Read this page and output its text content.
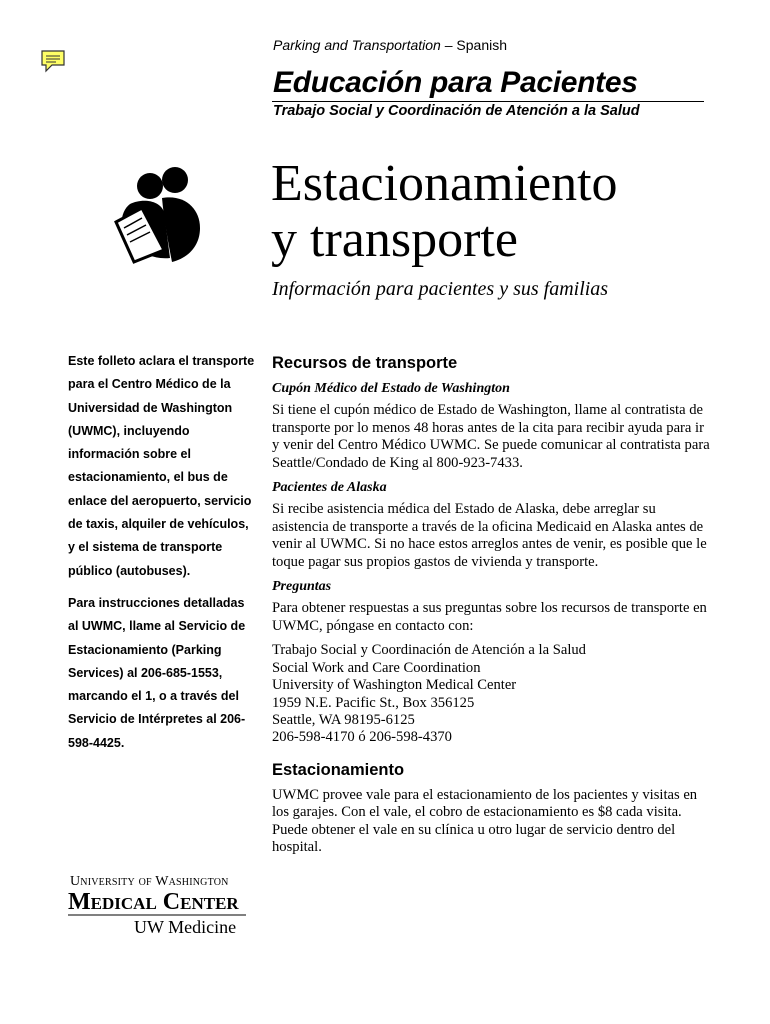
Parking and Transportation – Spanish
Educación para Pacientes
Trabajo Social y Coordinación de Atención a la Salud
Estacionamiento
y transporte
Información para pacientes y sus familias

Este folleto aclara el transporte para el Centro Médico de la Universidad de Washington (UWMC), incluyendo información sobre el estacionamiento, el bus de enlace del aeropuerto, servicio de taxis, alquiler de vehículos, y el sistema de transporte público (autobuses).

Para instrucciones detalladas al UWMC, llame al Servicio de Estacionamiento (Parking Services) al 206-685-1553, marcando el 1, o a través del Servicio de Intérpretes al 206-598-4425.

Recursos de transporte
Cupón Médico del Estado de Washington
Si tiene el cupón médico de Estado de Washington, llame al contratista de transporte por lo menos 48 horas antes de la cita para recibir ayuda para ir y venir del Centro Médico UWMC. Se puede comunicar al contratista para Seattle/Condado de King al 800-923-7433.
Pacientes de Alaska
Si recibe asistencia médica del Estado de Alaska, debe arreglar su asistencia de transporte a través de la oficina Medicaid en Alaska antes de venir al UWMC. Si no hace estos arreglos antes de venir, es posible que le toque pagar sus propios gastos de vivienda y transporte.
Preguntas
Para obtener respuestas a sus preguntas sobre los recursos de transporte en UWMC, póngase en contacto con:
Trabajo Social y Coordinación de Atención a la Salud
Social Work and Care Coordination
University of Washington Medical Center
1959 N.E. Pacific St., Box 356125
Seattle, WA 98195-6125
206-598-4170 ó 206-598-4370
Estacionamiento
UWMC provee vale para el estacionamiento de los pacientes y visitas en los garajes. Con el vale, el cobro de estacionamiento es $8 cada visita. Puede obtener el vale en su clínica u otro lugar de servicio dentro del hospital.
University of Washington
Medical Center
UW Medicine
